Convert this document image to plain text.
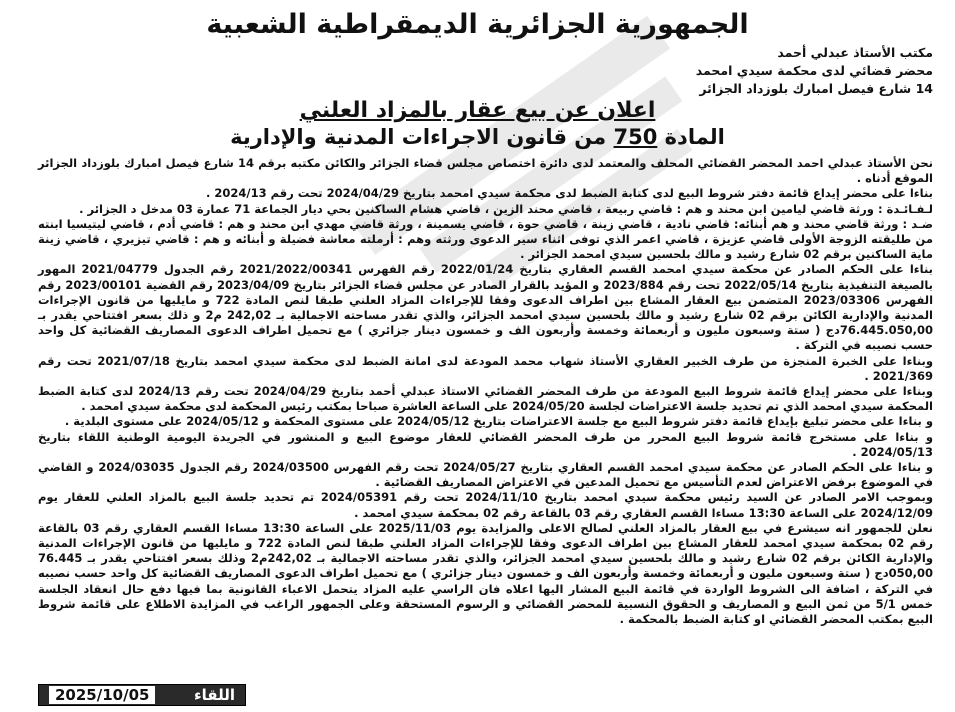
الجمهورية الجزائرية الديمقراطية الشعبية
مكتب الأستاذ عبدلي أحمد
محضر قضائي لدى محكمة سيدي امحمد
14 شارع فيصل امبارك بلوزداد الجزائر
اعلان عن بيع عقار بالمزاد العلني
المادة 750 من قانون الاجراءات المدنية والإدارية

نحن الأستاذ عبدلي احمد المحضر القضائي المحلف والمعتمد لدى دائرة اختصاص مجلس قضاء الجزائر والكائن مكتبه برقم 14 شارع فيصل امبارك بلوزداد الجزائر الموقع أدناه .

بناءا على محضر إيداع قائمة دفتر شروط البيع لدى كتابة الضبط لدى محكمة سيدي امحمد بتاريخ 2024/04/29 تحت رقم 2024/13 .

لـفـائـدة : ورثة قاضي ليامين ابن محند و هم : قاضي ربيعة ، قاضي محند الزين ، قاضي هشام الساكنين بحي ديار الجماعة 71 عمارة 03 مدخل د الجزائر .

ضـد : ورثة قاضي محند و هم أبنائه: قاضي نادية ، قاضي زينة ، قاضي حوة ، قاضي يسمينة ، ورثة قاضي مهدي ابن محند و هم : قاضي أدم ، قاضي ليتيسيا ابنته من طليقته الزوجة الأولى قاضي عزيزة ، قاضي اعمر الذي توفى اثناء سير الدعوى ورثته وهم : أرملته معاشة فضيلة و أبنائه و هم : قاضي تيزيري ، قاضي زينة ماية الساكنين برقم 02 شارع رشيد و مالك بلحسين سيدي امحمد الجزائر .

بناءا على الحكم الصادر عن محكمة سيدي امحمد القسم العقاري بتاريخ 2022/01/24 رقم الفهرس 2021/2022/00341 رقم الجدول 2021/04779 المهور بالصيغة التنفيذية بتاريخ 2022/05/14 تحت رقم 2023/884 و المؤيد بالقرار الصادر عن مجلس قضاء الجزائر بتاريخ 2023/04/09 رقم القضية 2023/00101 رقم الفهرس 2023/03306 المتضمن بيع العقار المشاع بين اطراف الدعوى وفقا للإجراءات المزاد العلني طبقا لنص المادة 722 و مايليها من قانون الإجراءات المدنية والإدارية الكائن برقم 02 شارع رشيد و مالك بلحسين سيدي امحمد الجزائر، والذي تقدر مساحته الاجمالية بـ 242,02 م2 و ذلك بسعر افتتاحي يقدر بـ 76.445.050,00دج ( ستة وسبعون مليون و أربعمائة وخمسة وأربعون الف و خمسون دينار جزائري ) مع تحميل اطراف الدعوى المصاريف القضائية كل واحد حسب نصيبه في التركة .

وبناءا على الخبرة المنجزة من طرف الخبير العقاري الأستاذ شهاب محمد المودعة لدى امانة الضبط لدى محكمة سيدي امحمد بتاريخ 2021/07/18 تحت رقم 2021/369 .

وبناءا على محضر إيداع قائمة شروط البيع المودعة من طرف المحضر القضائي الاستاذ عبدلي أحمد بتاريخ 2024/04/29 تحت رقم 2024/13 لدى كتابة الضبط المحكمة سيدي امحمد الذي تم تحديد جلسة الاعتراضات لجلسة 2024/05/20 على الساعة العاشرة صباحا بمكتب رئيس المحكمة لدى محكمة سيدي امحمد .

و بناءا على محضر تبليغ بإيداع قائمة دفتر شروط البيع مع جلسة الاعتراضات بتاريخ 2024/05/12 على مستوى المحكمة و 2024/05/12 على مستوى البلدية .

و بناءا على مستخرج قائمة شروط البيع المحرر من طرف المحضر القضائي للعقار موضوع البيع و المنشور في الجريدة اليومية الوطنية اللقاء بتاريخ 2024/05/13 .

و بناءا على الحكم الصادر عن محكمة سيدي امحمد القسم العقاري بتاريخ 2024/05/27 تحت رقم الفهرس 2024/03500 رقم الجدول 2024/03035 و القاضي في الموضوع برفض الاعتراض لعدم التأسيس مع تحميل المدعين في الاعتراض المصاريف القضائية .

وبموجب الامر الصادر عن السيد رئيس محكمة سيدي امحمد بتاريخ 2024/11/10 تحت رقم 2024/05391 تم تحديد جلسة البيع بالمزاد العلني للعقار يوم 2024/12/09 على الساعة 13:30 مساءا القسم العقاري رقم 03 بالقاعة رقم 02 بمحكمة سيدي امحمد .

نعلن للجمهور انه سيشرع في بيع العقار بالمزاد العلني لصالح الاعلى والمزايدة يوم 2025/11/03 على الساعة 13:30 مساءا القسم العقاري رقم 03 بالقاعة رقم 02 بمحكمة سيدي امحمد للعقار المشاع بين اطراف الدعوى وفقا للإجراءات المزاد العلني طبقا لنص المادة 722 و مايليها من قانون الإجراءات المدنية والإدارية الكائن برقم 02 شارع رشيد و مالك بلحسين سيدي امحمد الجزائر، والذي تقدر مساحته الاجمالية بـ 242,02م2 وذلك بسعر افتتاحي يقدر بـ 76.445 050,00دج ( ستة وسبعون مليون و أربعمائة وخمسة وأربعون الف و خمسون دينار جزائري ) مع تحميل اطراف الدعوى المصاريف القضائية كل واحد حسب نصيبه في التركة ، اضافة الى الشروط الواردة في قائمة البيع المشار اليها اعلاه فان الراسي عليه المزاد يتحمل الاعباء القانونية بما فيها دفع حال انعقاد الجلسة خمس 5/1 من ثمن البيع و المصاريف و الحقوق النسبية للمحضر القضائي و الرسوم المستحقة وعلى الجمهور الراغب في المزايدة الاطلاع على قائمة شروط البيع بمكتب المحضر القضائي او كتابة الضبط بالمحكمة .

2025/10/05	اللقاء
